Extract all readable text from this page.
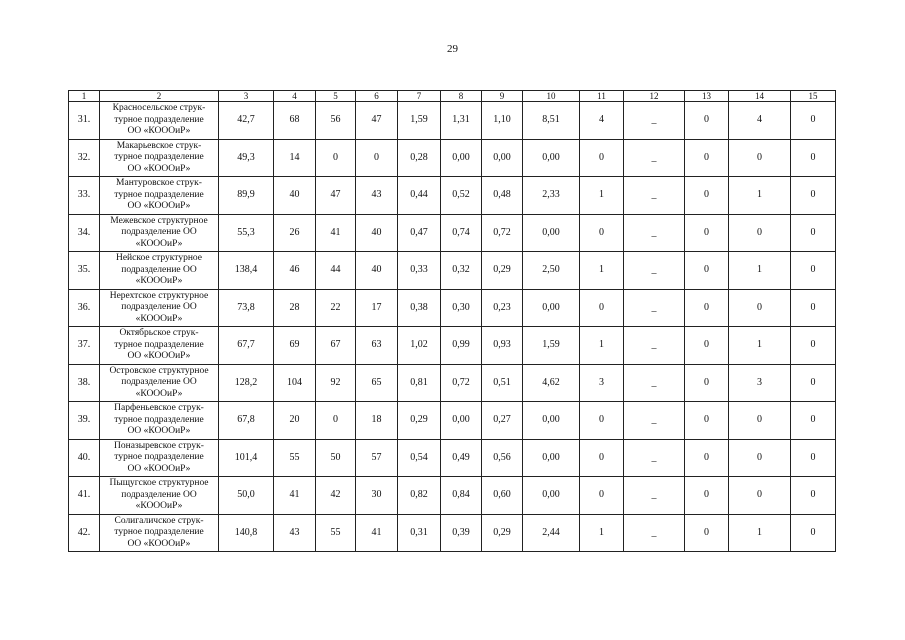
29
1	2	3	4	5	6	7	8	9	10	11	12	13	14	15
31.	Красносельское струк-
турное подразделение
ОО «КОООиР»	42,7	68	56	47	1,59	1,31	1,10	8,51	4	_	0	4	0
32.	Макарьевское струк-
турное подразделение
ОО «КОООиР»	49,3	14	0	0	0,28	0,00	0,00	0,00	0	_	0	0	0
33.	Мантуровское струк-
турное подразделение
ОО «КОООиР»	89,9	40	47	43	0,44	0,52	0,48	2,33	1	_	0	1	0
34.	Межевское структурное
подразделение ОО
«КОООиР»	55,3	26	41	40	0,47	0,74	0,72	0,00	0	_	0	0	0
35.	Нейское структурное
подразделение ОО
«КОООиР»	138,4	46	44	40	0,33	0,32	0,29	2,50	1	_	0	1	0
36.	Нерехтское структурное
подразделение ОО
«КОООиР»	73,8	28	22	17	0,38	0,30	0,23	0,00	0	_	0	0	0
37.	Октябрьское струк-
турное подразделение
ОО «КОООиР»	67,7	69	67	63	1,02	0,99	0,93	1,59	1	_	0	1	0
38.	Островское структурное
подразделение ОО
«КОООиР»	128,2	104	92	65	0,81	0,72	0,51	4,62	3	_	0	3	0
39.	Парфеньевское струк-
турное подразделение
ОО «КОООиР»	67,8	20	0	18	0,29	0,00	0,27	0,00	0	_	0	0	0
40.	Поназыревское струк-
турное подразделение
ОО «КОООиР»	101,4	55	50	57	0,54	0,49	0,56	0,00	0	_	0	0	0
41.	Пыщугское структурное
подразделение ОО
«КОООиР»	50,0	41	42	30	0,82	0,84	0,60	0,00	0	_	0	0	0
42.	Солигаличское струк-
турное подразделение
ОО «КОООиР»	140,8	43	55	41	0,31	0,39	0,29	2,44	1	_	0	1	0
